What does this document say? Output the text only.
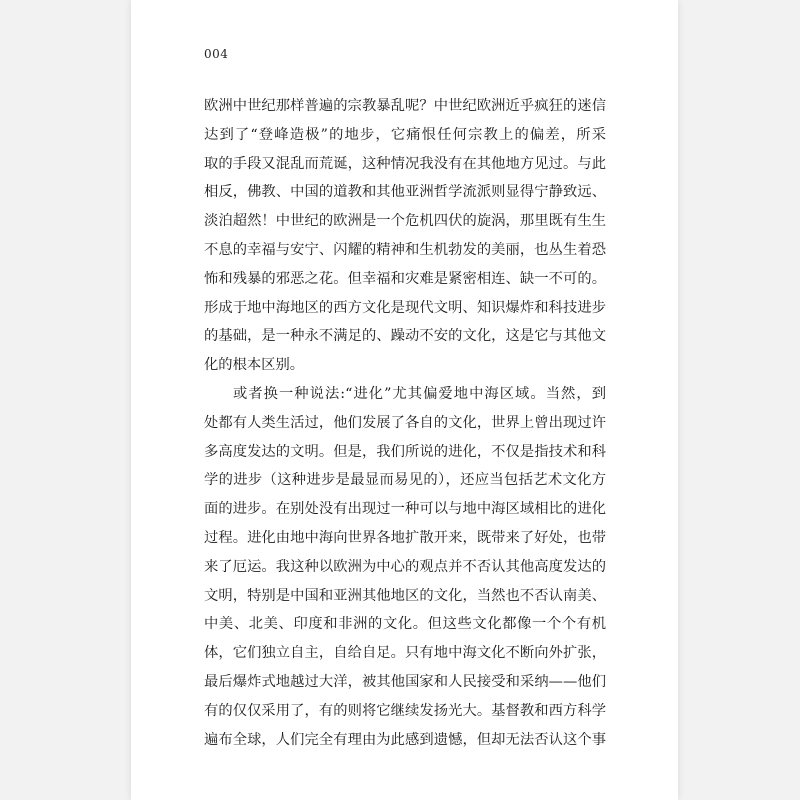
004
欧洲中世纪那样普遍的宗教暴乱呢？中世纪欧洲近乎疯狂的迷信
达到了“登峰造极”的地步，它痛恨任何宗教上的偏差，所采
取的手段又混乱而荒诞，这种情况我没有在其他地方见过。与此
相反，佛教、中国的道教和其他亚洲哲学流派则显得宁静致远、
淡泊超然！中世纪的欧洲是一个危机四伏的旋涡，那里既有生生
不息的幸福与安宁、闪耀的精神和生机勃发的美丽，也丛生着恐
怖和残暴的邪恶之花。但幸福和灾难是紧密相连、缺一不可的。
形成于地中海地区的西方文化是现代文明、知识爆炸和科技进步
的基础，是一种永不满足的、躁动不安的文化，这是它与其他文
化的根本区别。
或者换一种说法:“进化”尤其偏爱地中海区域。当然，到
处都有人类生活过，他们发展了各自的文化，世界上曾出现过许
多高度发达的文明。但是，我们所说的进化，不仅是指技术和科
学的进步（这种进步是最显而易见的），还应当包括艺术文化方
面的进步。在别处没有出现过一种可以与地中海区域相比的进化
过程。进化由地中海向世界各地扩散开来，既带来了好处，也带
来了厄运。我这种以欧洲为中心的观点并不否认其他高度发达的
文明，特别是中国和亚洲其他地区的文化，当然也不否认南美、
中美、北美、印度和非洲的文化。但这些文化都像一个个有机
体，它们独立自主，自给自足。只有地中海文化不断向外扩张，
最后爆炸式地越过大洋，被其他国家和人民接受和采纳——他们
有的仅仅采用了，有的则将它继续发扬光大。基督教和西方科学
遍布全球，人们完全有理由为此感到遗憾，但却无法否认这个事
